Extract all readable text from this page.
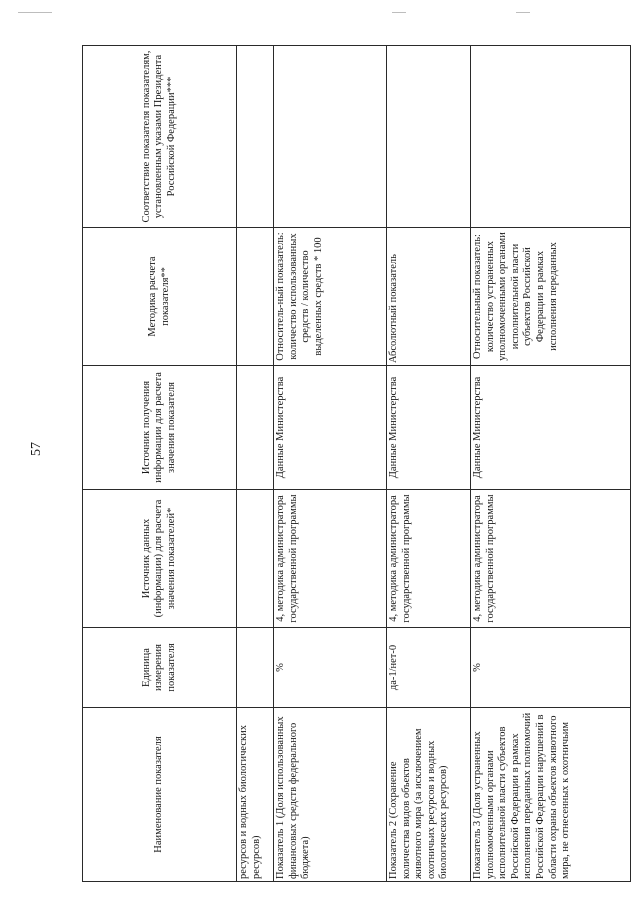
57
Наименование показателя	Единица измерения показателя	Источник данных (информации) для расчета значения показателей*	Источник получения информации для расчета значения показателя	Методика расчета показателя**	Соответствие показателя показателям, установленным указами Президента Российской Федерации***
ресурсов и водных биологических ресурсов)					
Показатель 1 (Доля использованных финансовых средств федерального бюджета)	%	4, методика администратора государственной программы	Данные Министерства	Относитель-ный показатель: количество использованных средств / количество выделенных средств * 100	
Показатель 2 (Сохранение количества видов объектов животного мира (за исключением охотничьих ресурсов и водных биологических ресурсов)	да-1/нет-0	4, методика администратора государственной программы	Данные Министерства	Абсолютный показатель	
Показатель 3 (Доля устраненных уполномоченными органами исполнительной власти субъектов Российской Федерации в рамках исполнения переданных полномочий Российской Федерации нарушений в области охраны объектов животного мира, не отнесенных к охотничьим	%	4, методика администратора государственной программы	Данные Министерства	Относительный показатель: количество устраненных уполномоченными органами исполнительной власти субъектов Российской Федерации в рамках исполнения переданных	
